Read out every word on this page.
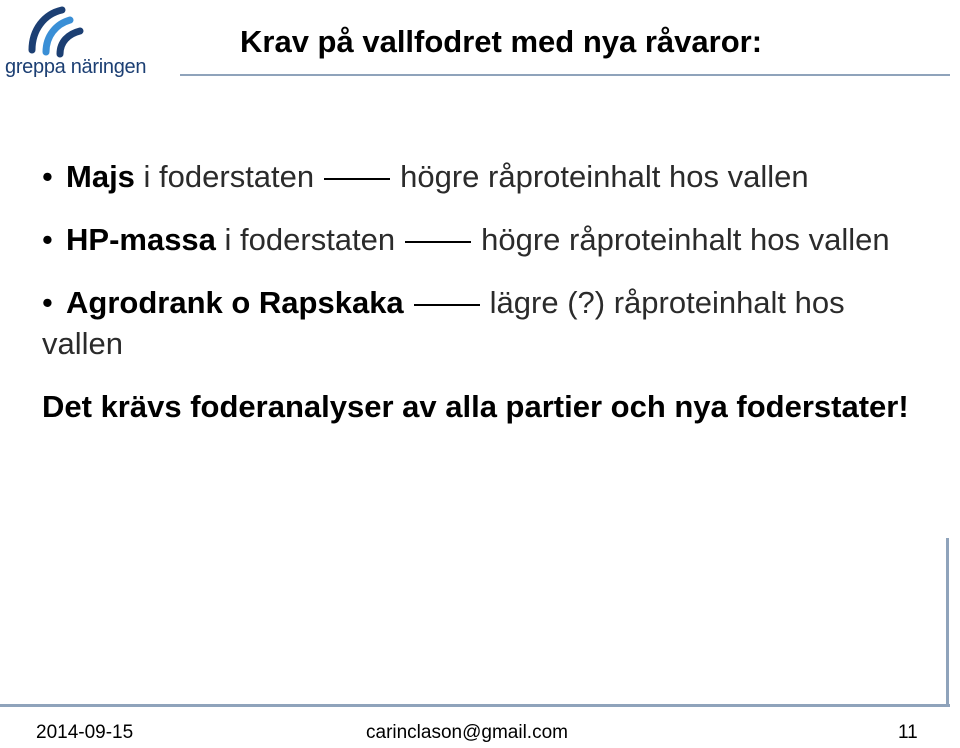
greppa näringen
Krav på vallfodret med nya råvaror:
• Majs i foderstaten	högre råproteinhalt hos vallen
• HP-massa i foderstaten	högre råproteinhalt hos vallen
• Agrodrank o Rapskaka	lägre (?) råproteinhalt hos vallen
Det krävs foderanalyser av alla partier och nya foderstater!
2014-09-15	carinclason@gmail.com	11
